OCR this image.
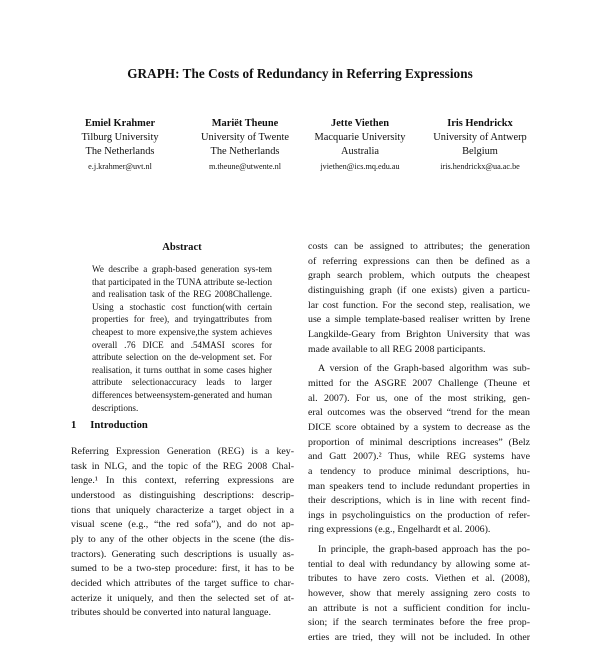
GRAPH: The Costs of Redundancy in Referring Expressions
Emiel Krahmer
Tilburg University
The Netherlands
e.j.krahmer@uvt.nl
Mariët Theune
University of Twente
The Netherlands
m.theune@utwente.nl
Jette Viethen
Macquarie University
Australia
jviethen@ics.mq.edu.au
Iris Hendrickx
University of Antwerp
Belgium
iris.hendrickx@ua.ac.be
Abstract
We describe a graph-based generation sys-tem that participated in the TUNA attribute se-lection and realisation task of the REG 2008Challenge. Using a stochastic cost function(with certain properties for free), and tryingattributes from cheapest to more expensive,the system achieves overall .76 DICE and .54MASI scores for attribute selection on the de-velopment set. For realisation, it turns outthat in some cases higher attribute selectionaccuracy leads to larger differences betweensystem-generated and human descriptions.
1 Introduction
Referring Expression Generation (REG) is a key-
task in NLG, and the topic of the REG 2008 Chal-
lenge.¹ In this context, referring expressions are
understood as distinguishing descriptions: descrip-
tions that uniquely characterize a target object in a
visual scene (e.g., “the red sofa”), and do not ap-
ply to any of the other objects in the scene (the dis-
tractors). Generating such descriptions is usually as-
sumed to be a two-step procedure: first, it has to be
decided which attributes of the target suffice to char-
acterize it uniquely, and then the selected set of at-
tributes should be converted into natural language.
costs can be assigned to attributes; the generation
of referring expressions can then be defined as a
graph search problem, which outputs the cheapest
distinguishing graph (if one exists) given a particu-
lar cost function. For the second step, realisation, we
use a simple template-based realiser written by Irene
Langkilde-Geary from Brighton University that was
made available to all REG 2008 participants.
A version of the Graph-based algorithm was sub-
mitted for the ASGRE 2007 Challenge (Theune et
al. 2007). For us, one of the most striking, gen-
eral outcomes was the observed “trend for the mean
DICE score obtained by a system to decrease as the
proportion of minimal descriptions increases” (Belz
and Gatt 2007).² Thus, while REG systems have
a tendency to produce minimal descriptions, hu-
man speakers tend to include redundant properties in
their descriptions, which is in line with recent find-
ings in psycholinguistics on the production of refer-
ring expressions (e.g., Engelhardt et al. 2006).
In principle, the graph-based approach has the po-
tential to deal with redundancy by allowing some at-
tributes to have zero costs. Viethen et al. (2008),
however, show that merely assigning zero costs to
an attribute is not a sufficient condition for inclu-
sion; if the search terminates before the free prop-
erties are tried, they will not be included. In other
